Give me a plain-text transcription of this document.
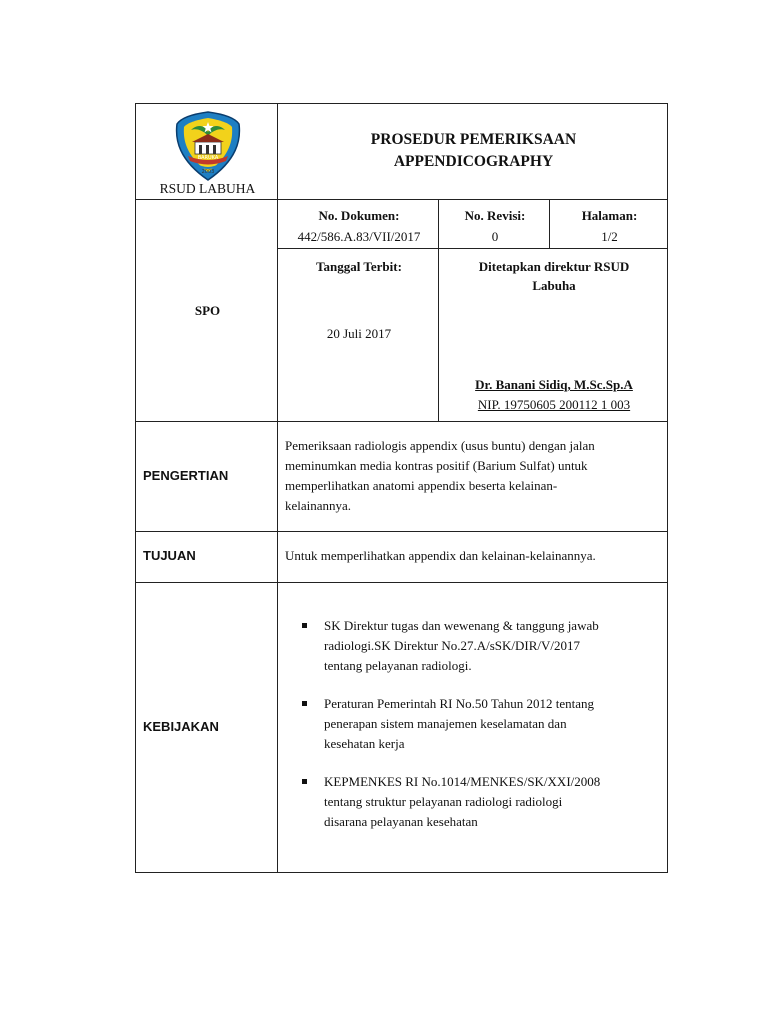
BARUKA
2003
RSUD LABUHA
PROSEDUR PEMERIKSAAN
APPENDICOGRAPHY
SPO
No. Dokumen:
442/586.A.83/VII/2017
No. Revisi:
0
Halaman:
1/2
Tanggal Terbit:
20 Juli 2017
Ditetapkan direktur RSUD
Labuha
Dr. Banani Sidiq, M.Sc.Sp.A
NIP. 19750605 200112 1 003
PENGERTIAN
Pemeriksaan radiologis appendix (usus buntu) dengan jalan
meminumkan media kontras positif (Barium Sulfat) untuk
memperlihatkan anatomi appendix beserta kelainan-
kelainannya.
TUJUAN	Untuk memperlihatkan appendix dan kelainan-kelainannya.
KEBIJAKAN
SK Direktur tugas dan wewenang & tanggung jawab
radiologi.SK Direktur No.27.A/sSK/DIR/V/2017
tentang pelayanan radiologi.
Peraturan Pemerintah RI No.50 Tahun 2012 tentang
penerapan sistem manajemen keselamatan dan
kesehatan kerja
KEPMENKES RI No.1014/MENKES/SK/XXI/2008
tentang struktur pelayanan radiologi radiologi
disarana pelayanan kesehatan
